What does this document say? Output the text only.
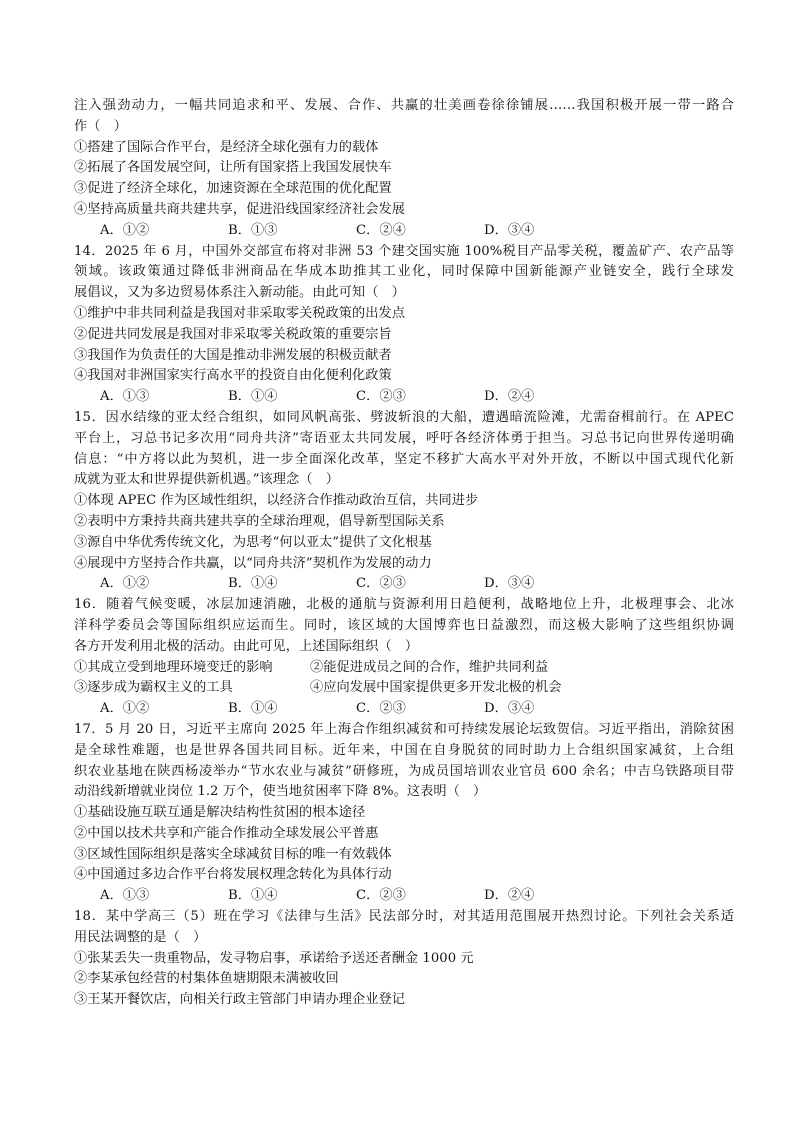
注入强劲动力，一幅共同追求和平、发展、合作、共赢的壮美画卷徐徐铺展……我国积极开展一带一路合
作（　）
①搭建了国际合作平台，是经济全球化强有力的载体
②拓展了各国发展空间，让所有国家搭上我国发展快车
③促进了经济全球化，加速资源在全球范围的优化配置
④坚持高质量共商共建共享，促进沿线国家经济社会发展
A．①②	B．①③	C．②④	D．③④
14．2025 年 6 月，中国外交部宣布将对非洲 53 个建交国实施 100%税目产品零关税，覆盖矿产、农产品等
领域。该政策通过降低非洲商品在华成本助推其工业化，同时保障中国新能源产业链安全，践行全球发
展倡议，又为多边贸易体系注入新动能。由此可知（　）
①维护中非共同利益是我国对非采取零关税政策的出发点
②促进共同发展是我国对非采取零关税政策的重要宗旨
③我国作为负责任的大国是推动非洲发展的积极贡献者
④我国对非洲国家实行高水平的投资自由化便利化政策
A．①③	B．①④	C．②③	D．②④
15．因水结缘的亚太经合组织，如同风帆高张、劈波斩浪的大船，遭遇暗流险滩，尤需奋楫前行。在 APEC
平台上，习总书记多次用“同舟共济”寄语亚太共同发展，呼吁各经济体勇于担当。习总书记向世界传递明确
信息：“中方将以此为契机，进一步全面深化改革，坚定不移扩大高水平对外开放，不断以中国式现代化新
成就为亚太和世界提供新机遇。”该理念（　）
①体现 APEC 作为区域性组织，以经济合作推动政治互信，共同进步
②表明中方秉持共商共建共享的全球治理观，倡导新型国际关系
③源自中华优秀传统文化，为思考“何以亚太”提供了文化根基
④展现中方坚持合作共赢，以“同舟共济”契机作为发展的动力
A．①②	B．①④	C．②③	D．③④
16．随着气候变暖，冰层加速消融，北极的通航与资源利用日趋便利，战略地位上升，北极理事会、北冰
洋科学委员会等国际组织应运而生。同时，该区域的大国博弈也日益激烈，而这极大影响了这些组织协调
各方开发利用北极的活动。由此可见，上述国际组织（　）
①其成立受到地理环境变迁的影响	②能促进成员之间的合作，维护共同利益
③逐步成为霸权主义的工具	④应向发展中国家提供更多开发北极的机会
A．①②	B．①④	C．②③	D．③④
17．5 月 20 日，习近平主席向 2025 年上海合作组织减贫和可持续发展论坛致贺信。习近平指出，消除贫困
是全球性难题，也是世界各国共同目标。近年来，中国在自身脱贫的同时助力上合组织国家减贫，上合组
织农业基地在陕西杨凌举办“节水农业与减贫”研修班，为成员国培训农业官员 600 余名；中吉乌铁路项目带
动沿线新增就业岗位 1.2 万个，使当地贫困率下降 8%。这表明（　）
①基础设施互联互通是解决结构性贫困的根本途径
②中国以技术共享和产能合作推动全球发展公平普惠
③区域性国际组织是落实全球减贫目标的唯一有效载体
④中国通过多边合作平台将发展权理念转化为具体行动
A．①③	B．①④	C．②③	D．②④
18．某中学高三（5）班在学习《法律与生活》民法部分时，对其适用范围展开热烈讨论。下列社会关系适
用民法调整的是（　）
①张某丢失一贵重物品，发寻物启事，承诺给予送还者酬金 1000 元
②李某承包经营的村集体鱼塘期限未满被收回
③王某开餐饮店，向相关行政主管部门申请办理企业登记
